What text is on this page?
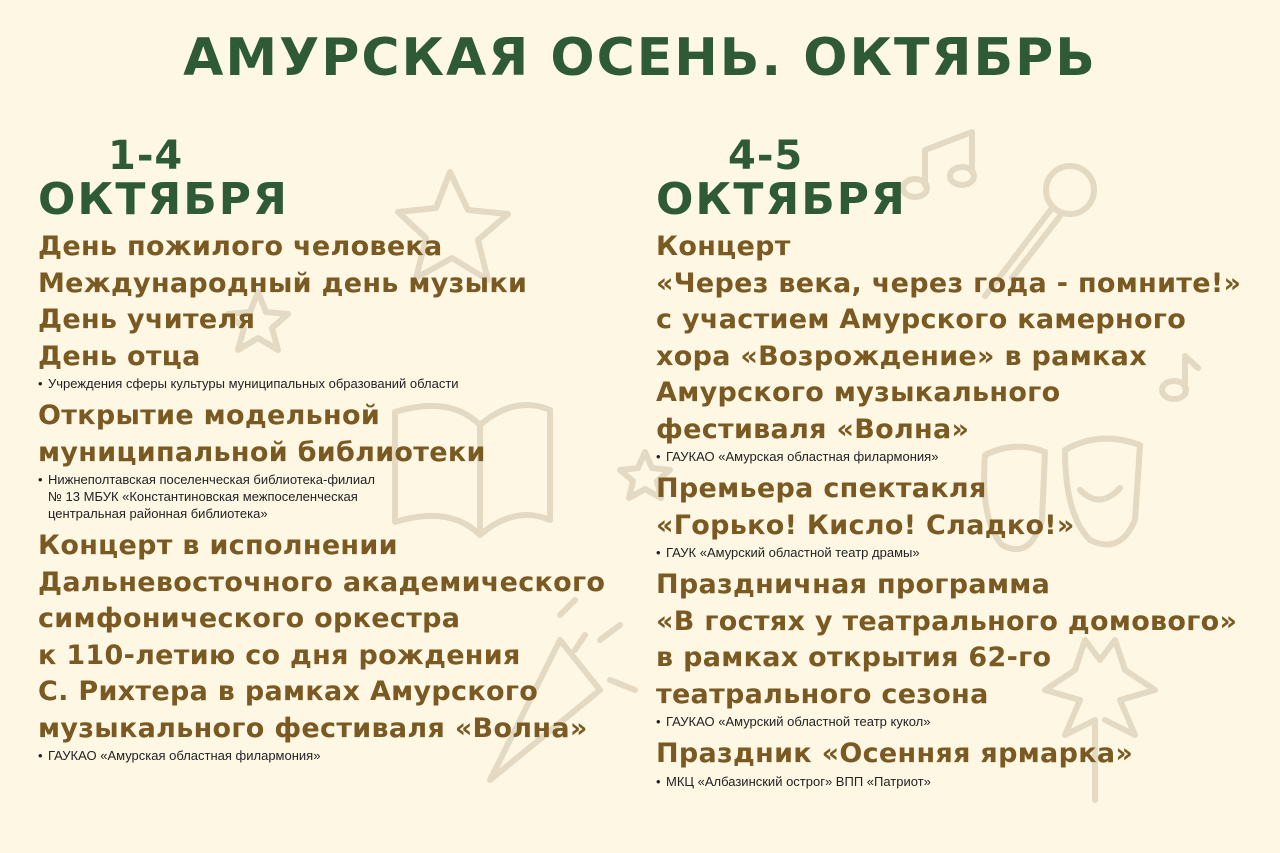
АМУРСКАЯ ОСЕНЬ. ОКТЯБРЬ
1-4
ОКТЯБРЯ
День пожилого человека
Международный день музыки
День учителя
День отца
• Учреждения сферы культуры муниципальных образований области
Открытие модельной
муниципальной библиотеки
• Нижнеполтавская поселенческая библиотека-филиал
№ 13 МБУК «Константиновская межпоселенческая
центральная районная библиотека»
Концерт в исполнении
Дальневосточного академического
симфонического оркестра
к 110-летию со дня рождения
С. Рихтера в рамках Амурского
музыкального фестиваля «Волна»
• ГАУКАО «Амурская областная филармония»
4-5
ОКТЯБРЯ
Концерт
«Через века, через года - помните!»
с участием Амурского камерного
хора «Возрождение» в рамках
Амурского музыкального
фестиваля «Волна»
• ГАУКАО «Амурская областная филармония»
Премьера спектакля
«Горько! Кисло! Сладко!»
• ГАУК «Амурский областной театр драмы»
Праздничная программа
«В гостях у театрального домового»
в рамках открытия 62-го
театрального сезона
• ГАУКАО «Амурский областной театр кукол»
Праздник «Осенняя ярмарка»
• МКЦ «Албазинский острог» ВПП «Патриот»
